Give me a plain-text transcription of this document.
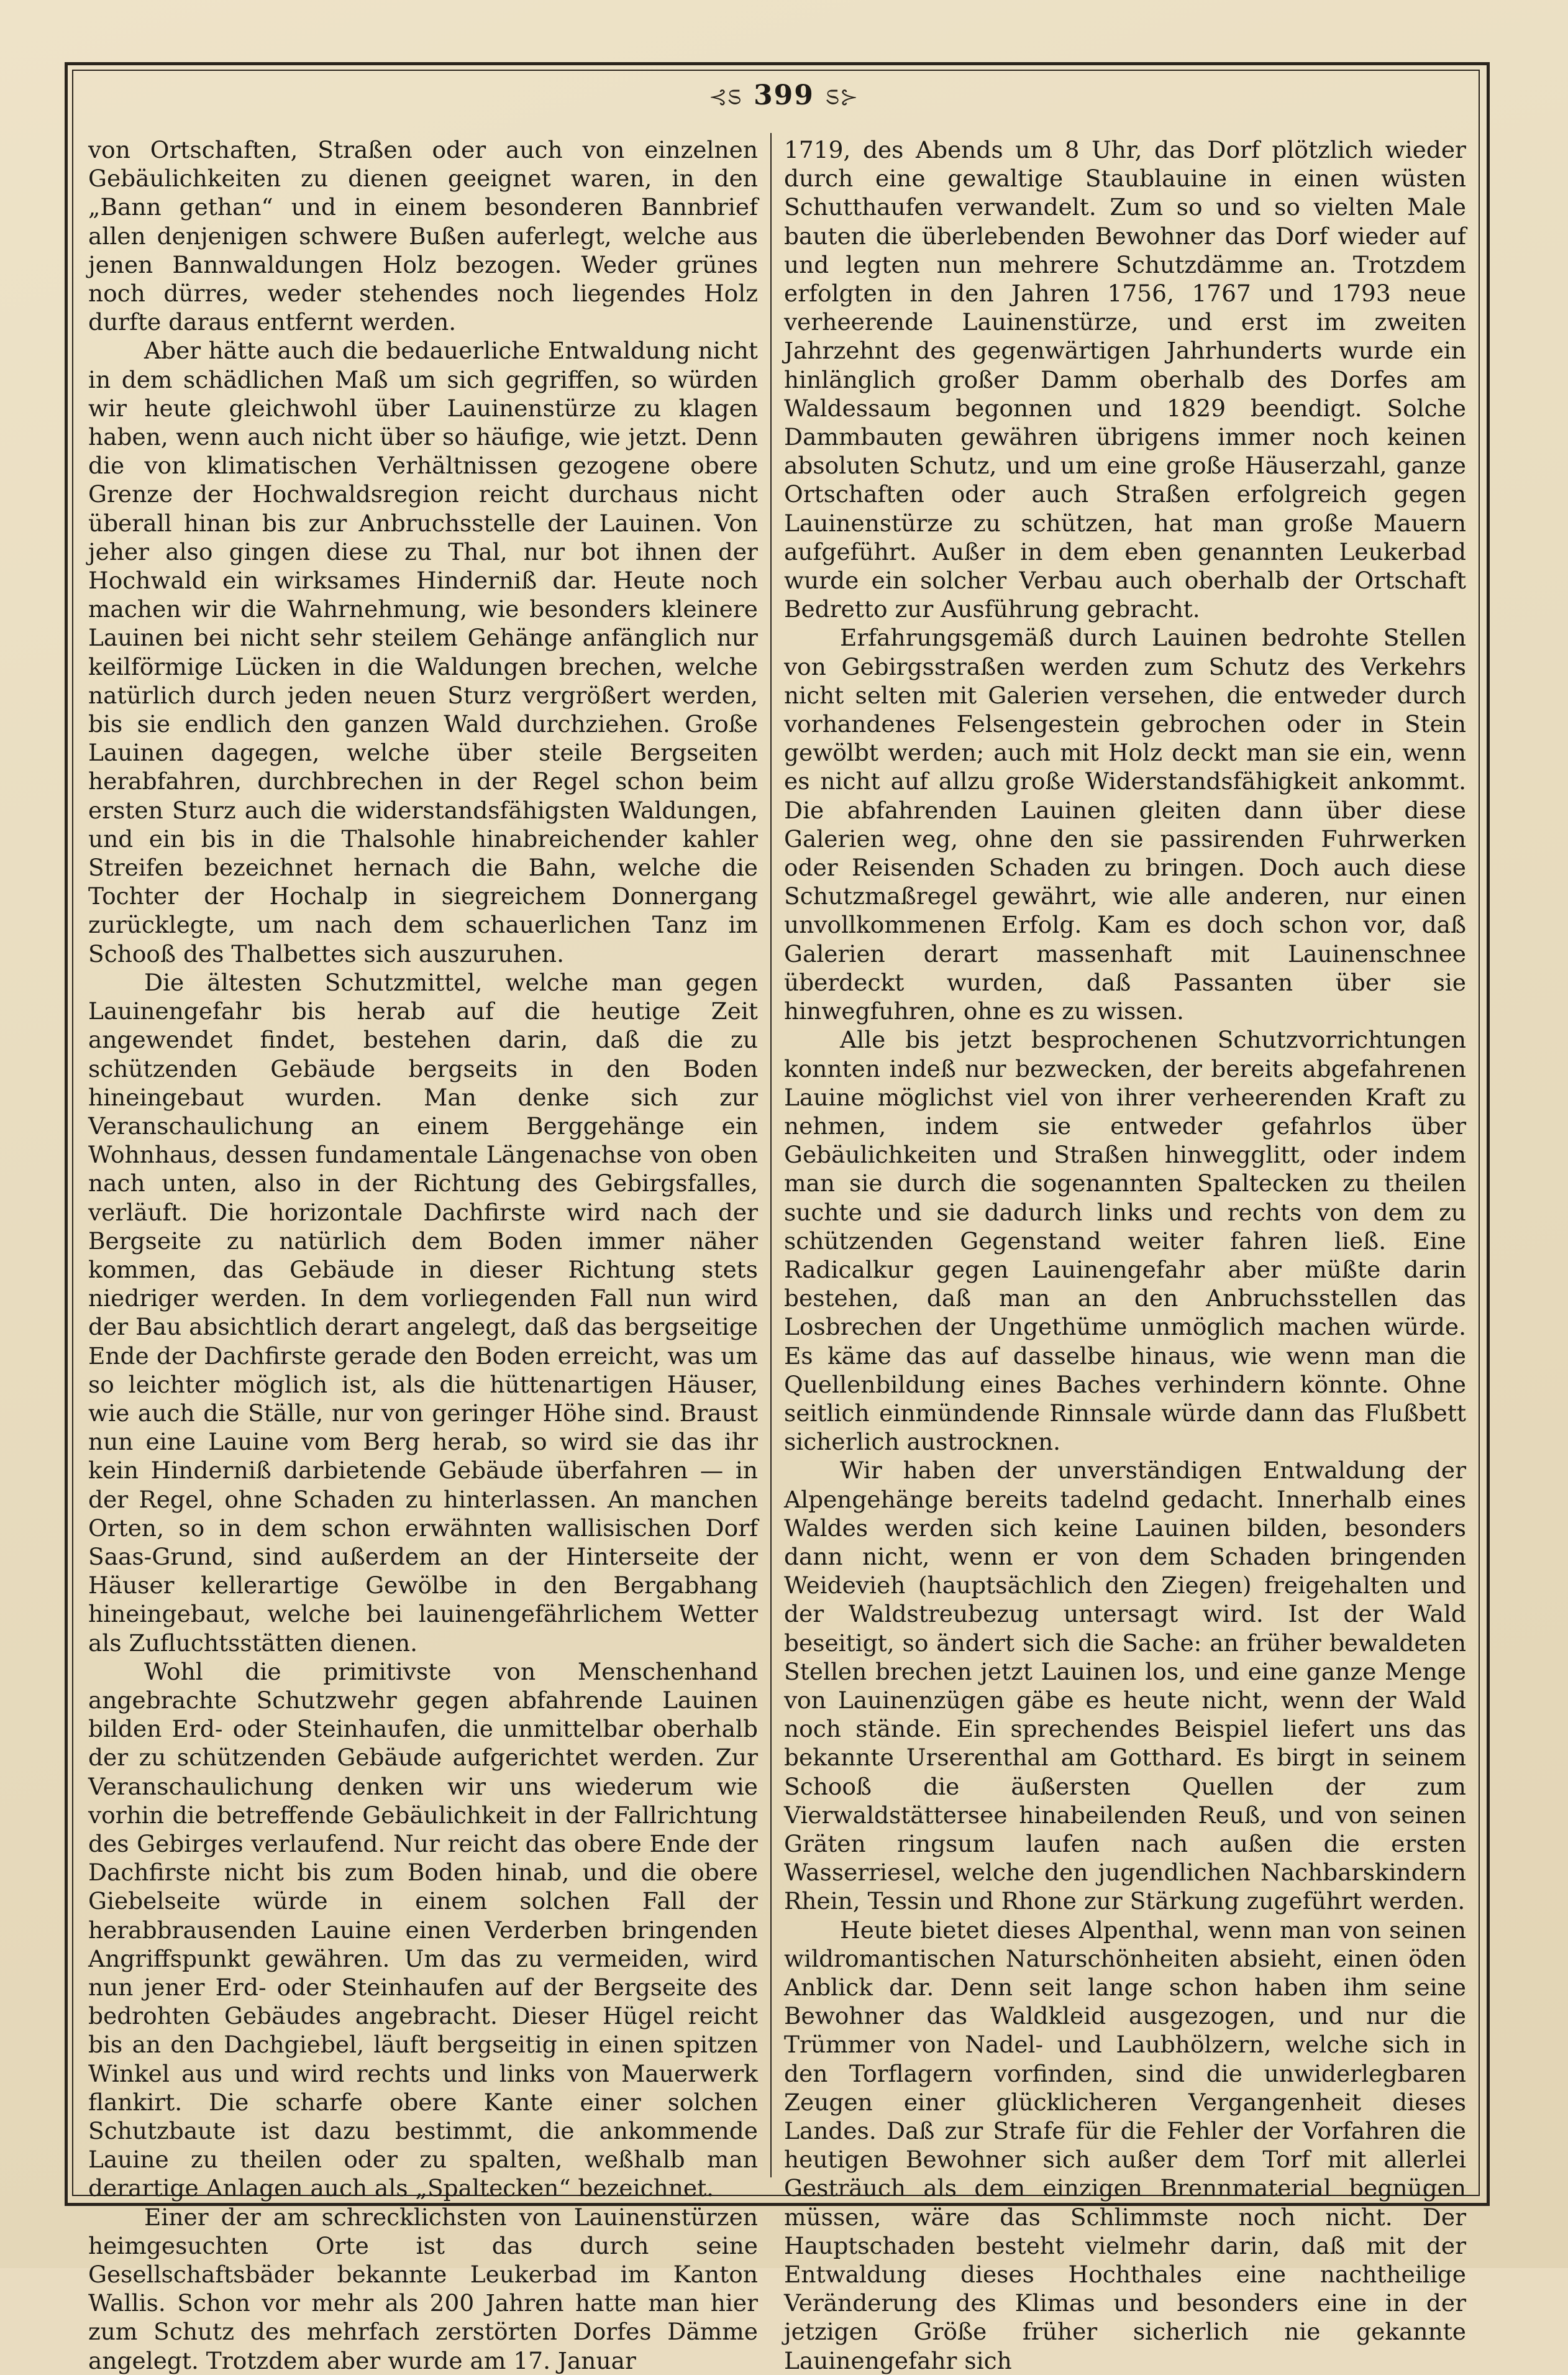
⊰ಽ 399 ಽ⊱

von Ortschaften, Straßen oder auch von einzelnen Gebäulichkeiten zu dienen geeignet waren, in den „Bann gethan“ und in einem besonderen Bannbrief allen denjenigen schwere Bußen auferlegt, welche aus jenen Bannwaldungen Holz bezogen. Weder grünes noch dürres, weder stehendes noch liegendes Holz durfte daraus entfernt werden.

Aber hätte auch die bedauerliche Entwaldung nicht in dem schädlichen Maß um sich gegriffen, so würden wir heute gleichwohl über Lauinenstürze zu klagen haben, wenn auch nicht über so häufige, wie jetzt. Denn die von klimatischen Verhältnissen gezogene obere Grenze der Hochwaldsregion reicht durchaus nicht überall hinan bis zur Anbruchsstelle der Lauinen. Von jeher also gingen diese zu Thal, nur bot ihnen der Hochwald ein wirksames Hinderniß dar. Heute noch machen wir die Wahrnehmung, wie besonders kleinere Lauinen bei nicht sehr steilem Gehänge anfänglich nur keilförmige Lücken in die Waldungen brechen, welche natürlich durch jeden neuen Sturz vergrößert werden, bis sie endlich den ganzen Wald durchziehen. Große Lauinen dagegen, welche über steile Bergseiten herabfahren, durchbrechen in der Regel schon beim ersten Sturz auch die widerstandsfähigsten Waldungen, und ein bis in die Thalsohle hinabreichender kahler Streifen bezeichnet hernach die Bahn, welche die Tochter der Hochalp in siegreichem Donnergang zurücklegte, um nach dem schauerlichen Tanz im Schooß des Thalbettes sich auszuruhen.

Die ältesten Schutzmittel, welche man gegen Lauinengefahr bis herab auf die heutige Zeit angewendet findet, bestehen darin, daß die zu schützenden Gebäude bergseits in den Boden hineingebaut wurden. Man denke sich zur Veranschaulichung an einem Berggehänge ein Wohnhaus, dessen fundamentale Längenachse von oben nach unten, also in der Richtung des Gebirgsfalles, verläuft. Die horizontale Dachfirste wird nach der Bergseite zu natürlich dem Boden immer näher kommen, das Gebäude in dieser Richtung stets niedriger werden. In dem vorliegenden Fall nun wird der Bau absichtlich derart angelegt, daß das bergseitige Ende der Dachfirste gerade den Boden erreicht, was um so leichter möglich ist, als die hüttenartigen Häuser, wie auch die Ställe, nur von geringer Höhe sind. Braust nun eine Lauine vom Berg herab, so wird sie das ihr kein Hinderniß darbietende Gebäude überfahren — in der Regel, ohne Schaden zu hinterlassen. An manchen Orten, so in dem schon erwähnten wallisischen Dorf Saas-Grund, sind außerdem an der Hinterseite der Häuser kellerartige Gewölbe in den Bergabhang hineingebaut, welche bei lauinengefährlichem Wetter als Zufluchtsstätten dienen.

Wohl die primitivste von Menschenhand angebrachte Schutzwehr gegen abfahrende Lauinen bilden Erd- oder Steinhaufen, die unmittelbar oberhalb der zu schützenden Gebäude aufgerichtet werden. Zur Veranschaulichung denken wir uns wiederum wie vorhin die betreffende Gebäulichkeit in der Fallrichtung des Gebirges verlaufend. Nur reicht das obere Ende der Dachfirste nicht bis zum Boden hinab, und die obere Giebelseite würde in einem solchen Fall der herabbrausenden Lauine einen Verderben bringenden Angriffspunkt gewähren. Um das zu vermeiden, wird nun jener Erd- oder Steinhaufen auf der Bergseite des bedrohten Gebäudes angebracht. Dieser Hügel reicht bis an den Dachgiebel, läuft bergseitig in einen spitzen Winkel aus und wird rechts und links von Mauerwerk flankirt. Die scharfe obere Kante einer solchen Schutzbaute ist dazu bestimmt, die ankommende Lauine zu theilen oder zu spalten, weßhalb man derartige Anlagen auch als „Spaltecken“ bezeichnet.

Einer der am schrecklichsten von Lauinenstürzen heimgesuchten Orte ist das durch seine Gesellschaftsbäder bekannte Leukerbad im Kanton Wallis. Schon vor mehr als 200 Jahren hatte man hier zum Schutz des mehrfach zerstörten Dorfes Dämme angelegt. Trotzdem aber wurde am 17. Januar

1719, des Abends um 8 Uhr, das Dorf plötzlich wieder durch eine gewaltige Staublauine in einen wüsten Schutthaufen verwandelt. Zum so und so vielten Male bauten die überlebenden Bewohner das Dorf wieder auf und legten nun mehrere Schutzdämme an. Trotzdem erfolgten in den Jahren 1756, 1767 und 1793 neue verheerende Lauinenstürze, und erst im zweiten Jahrzehnt des gegenwärtigen Jahrhunderts wurde ein hinlänglich großer Damm oberhalb des Dorfes am Waldessaum begonnen und 1829 beendigt. Solche Dammbauten gewähren übrigens immer noch keinen absoluten Schutz, und um eine große Häuserzahl, ganze Ortschaften oder auch Straßen erfolgreich gegen Lauinenstürze zu schützen, hat man große Mauern aufgeführt. Außer in dem eben genannten Leukerbad wurde ein solcher Verbau auch oberhalb der Ortschaft Bedretto zur Ausführung gebracht.

Erfahrungsgemäß durch Lauinen bedrohte Stellen von Gebirgsstraßen werden zum Schutz des Verkehrs nicht selten mit Galerien versehen, die entweder durch vorhandenes Felsengestein gebrochen oder in Stein gewölbt werden; auch mit Holz deckt man sie ein, wenn es nicht auf allzu große Widerstandsfähigkeit ankommt. Die abfahrenden Lauinen gleiten dann über diese Galerien weg, ohne den sie passirenden Fuhrwerken oder Reisenden Schaden zu bringen. Doch auch diese Schutzmaßregel gewährt, wie alle anderen, nur einen unvollkommenen Erfolg. Kam es doch schon vor, daß Galerien derart massenhaft mit Lauinenschnee überdeckt wurden, daß Passanten über sie hinwegfuhren, ohne es zu wissen.

Alle bis jetzt besprochenen Schutzvorrichtungen konnten indeß nur bezwecken, der bereits abgefahrenen Lauine möglichst viel von ihrer verheerenden Kraft zu nehmen, indem sie entweder gefahrlos über Gebäulichkeiten und Straßen hinwegglitt, oder indem man sie durch die sogenannten Spaltecken zu theilen suchte und sie dadurch links und rechts von dem zu schützenden Gegenstand weiter fahren ließ. Eine Radicalkur gegen Lauinengefahr aber müßte darin bestehen, daß man an den Anbruchsstellen das Losbrechen der Ungethüme unmöglich machen würde. Es käme das auf dasselbe hinaus, wie wenn man die Quellenbildung eines Baches verhindern könnte. Ohne seitlich einmündende Rinnsale würde dann das Flußbett sicherlich austrocknen.

Wir haben der unverständigen Entwaldung der Alpengehänge bereits tadelnd gedacht. Innerhalb eines Waldes werden sich keine Lauinen bilden, besonders dann nicht, wenn er von dem Schaden bringenden Weidevieh (hauptsächlich den Ziegen) freigehalten und der Waldstreubezug untersagt wird. Ist der Wald beseitigt, so ändert sich die Sache: an früher bewaldeten Stellen brechen jetzt Lauinen los, und eine ganze Menge von Lauinenzügen gäbe es heute nicht, wenn der Wald noch stände. Ein sprechendes Beispiel liefert uns das bekannte Urserenthal am Gotthard. Es birgt in seinem Schooß die äußersten Quellen der zum Vierwaldstättersee hinabeilenden Reuß, und von seinen Gräten ringsum laufen nach außen die ersten Wasserriesel, welche den jugendlichen Nachbarskindern Rhein, Tessin und Rhone zur Stärkung zugeführt werden.

Heute bietet dieses Alpenthal, wenn man von seinen wildromantischen Naturschönheiten absieht, einen öden Anblick dar. Denn seit lange schon haben ihm seine Bewohner das Waldkleid ausgezogen, und nur die Trümmer von Nadel- und Laubhölzern, welche sich in den Torflagern vorfinden, sind die unwiderlegbaren Zeugen einer glücklicheren Vergangenheit dieses Landes. Daß zur Strafe für die Fehler der Vorfahren die heutigen Bewohner sich außer dem Torf mit allerlei Gesträuch als dem einzigen Brennmaterial begnügen müssen, wäre das Schlimmste noch nicht. Der Hauptschaden besteht vielmehr darin, daß mit der Entwaldung dieses Hochthales eine nachtheilige Veränderung des Klimas und besonders eine in der jetzigen Größe früher sicherlich nie gekannte Lauinengefahr sich
